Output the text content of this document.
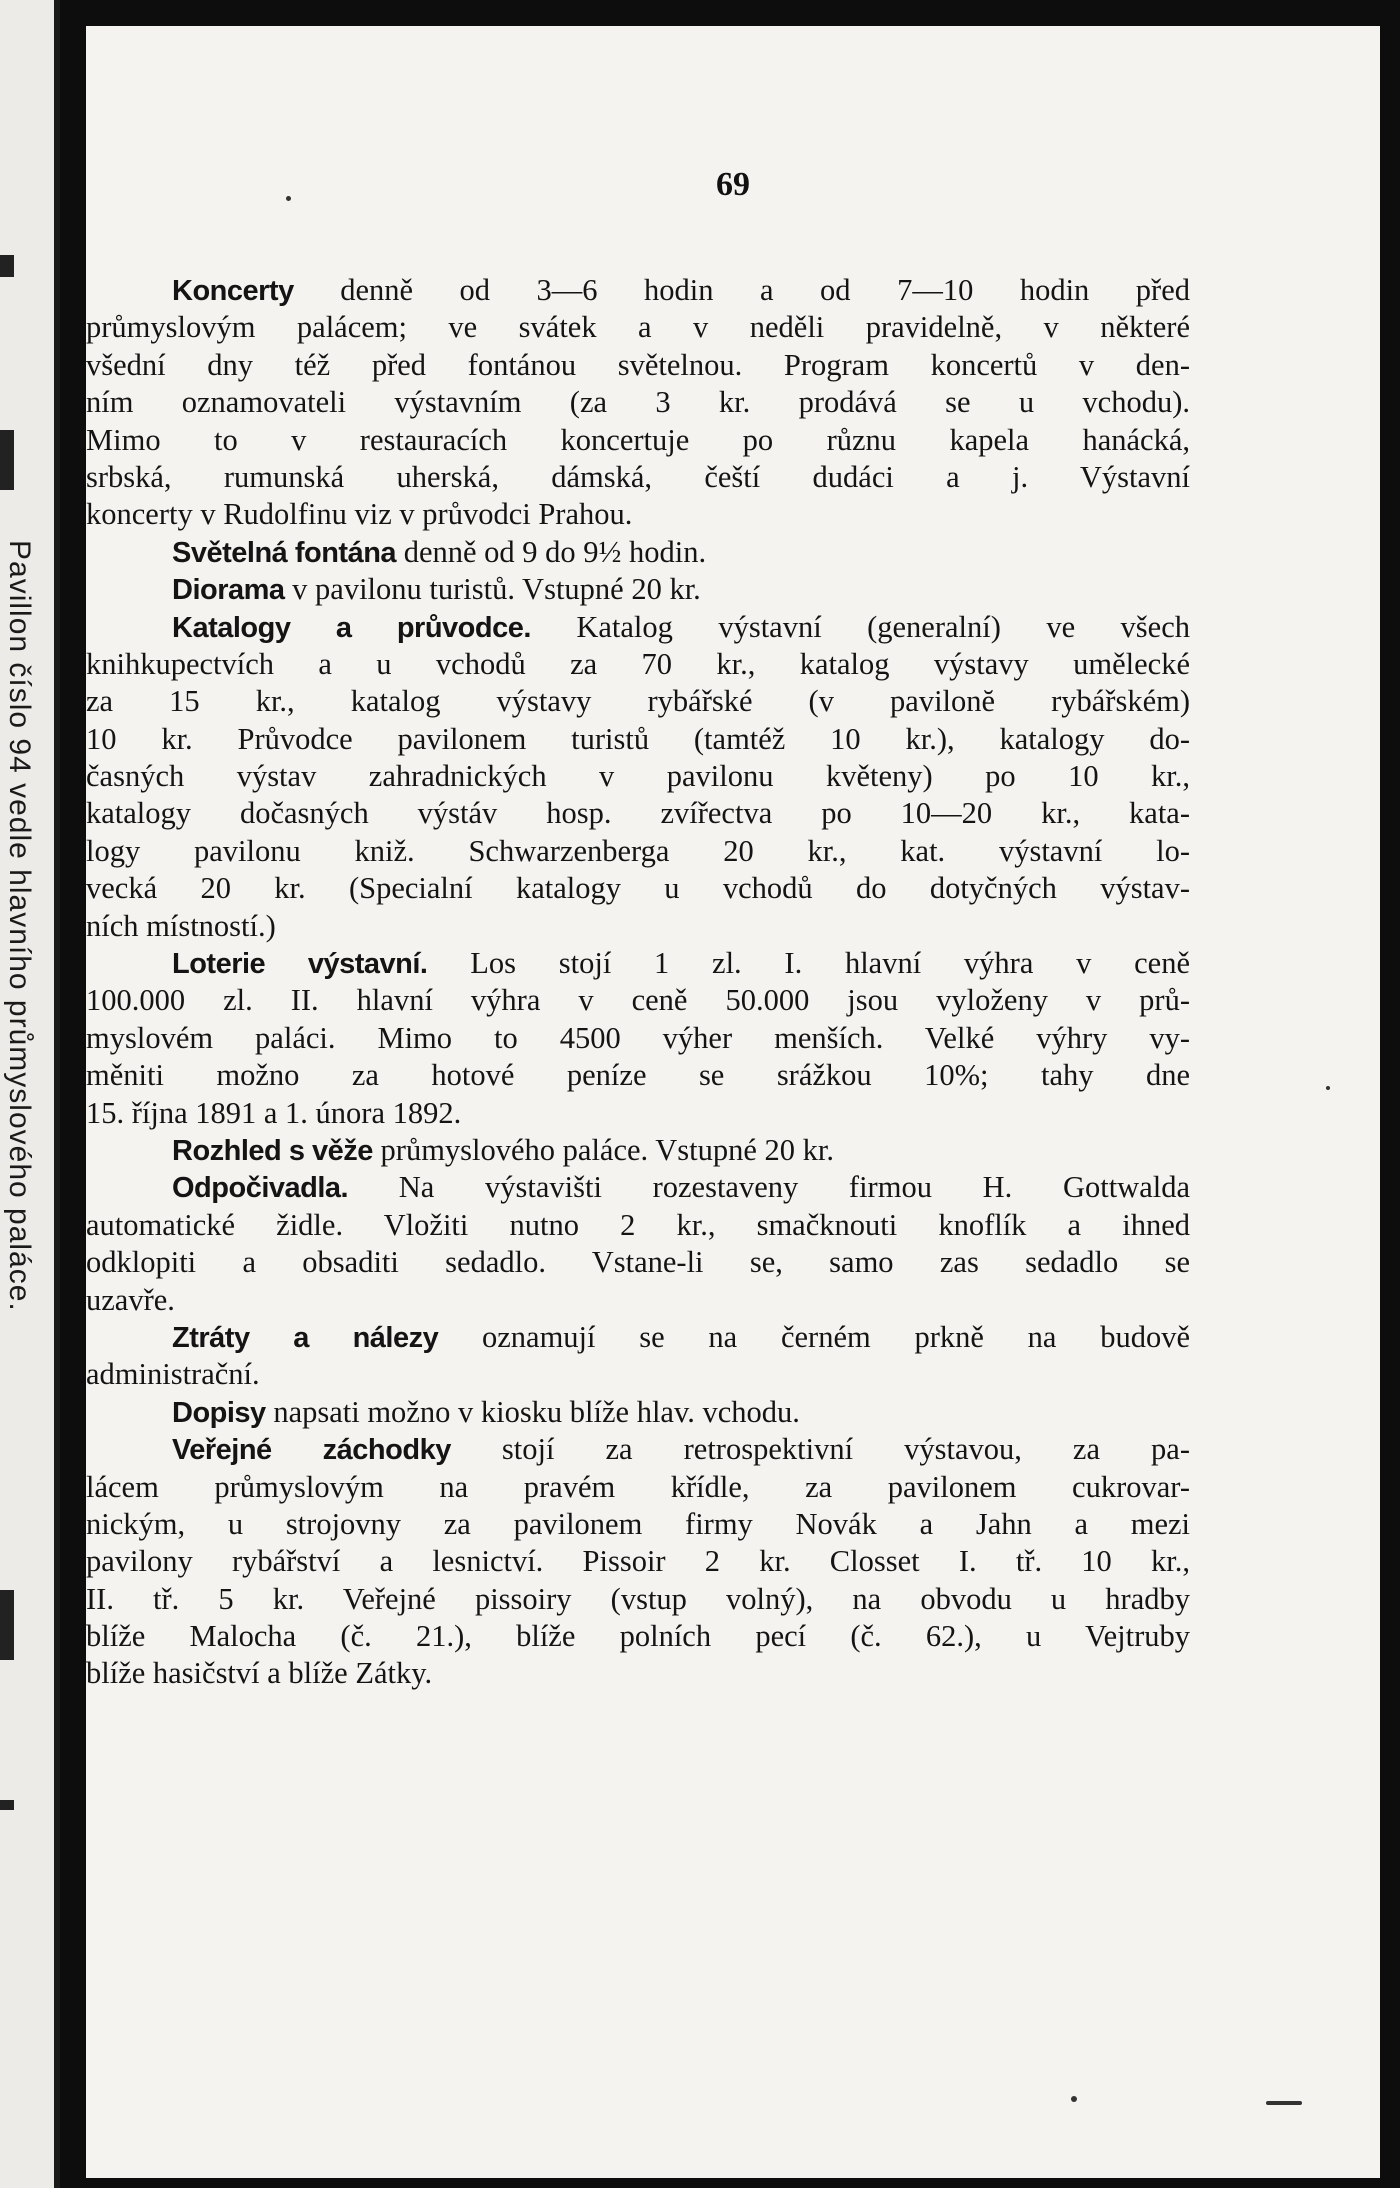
Pavillon číslo 94 vedle hlavního průmyslového paláce.
69
Koncerty denně od 3—6 hodin a od 7—10 hodin před
průmyslovým palácem; ve svátek a v neděli pravidelně, v některé
všední dny též před fontánou světelnou. Program koncertů v den-
ním oznamovateli výstavním (za 3 kr. prodává se u vchodu).
Mimo to v restauracích koncertuje po různu kapela hanácká,
srbská, rumunská uherská, dámská, čeští dudáci a j. Výstavní
koncerty v Rudolfinu viz v průvodci Prahou.
Světelná fontána denně od 9 do 9½ hodin.
Diorama v pavilonu turistů. Vstupné 20 kr.
Katalogy a průvodce. Katalog výstavní (generalní) ve všech
knihkupectvích a u vchodů za 70 kr., katalog výstavy umělecké
za 15 kr., katalog výstavy rybářské (v pavilonĕ rybářském)
10 kr. Průvodce pavilonem turistů (tamtéž 10 kr.), katalogy do-
časných výstav zahradnických v pavilonu květeny) po 10 kr.,
katalogy dočasných výstáv hosp. zvířectva po 10—20 kr., kata-
logy pavilonu kniž. Schwarzenberga 20 kr., kat. výstavní lo-
vecká 20 kr. (Specialní katalogy u vchodů do dotyčných výstav-
ních místností.)
Loterie výstavní. Los stojí 1 zl. I. hlavní výhra v ceně
100.000 zl. II. hlavní výhra v ceně 50.000 jsou vyloženy v prů-
myslovém paláci. Mimo to 4500 výher menších. Velké výhry vy-
měniti možno za hotové peníze se srážkou 10%; tahy dne
15. října 1891 a 1. února 1892.
Rozhled s věže průmyslového paláce. Vstupné 20 kr.
Odpočivadla. Na výstavišti rozestaveny firmou H. Gottwalda
automatické židle. Vložiti nutno 2 kr., smačknouti knoflík a ihned
odklopiti a obsaditi sedadlo. Vstane-li se, samo zas sedadlo se
uzavře.
Ztráty a nálezy oznamují se na černém prkně na budově
administrační.
Dopisy napsati možno v kiosku blíže hlav. vchodu.
Veřejné záchodky stojí za retrospektivní výstavou, za pa-
lácem průmyslovým na pravém křídle, za pavilonem cukrovar-
nickým, u strojovny za pavilonem firmy Novák a Jahn a mezi
pavilony rybářství a lesnictví. Pissoir 2 kr. Closset I. tř. 10 kr.,
II. tř. 5 kr. Veřejné pissoiry (vstup volný), na obvodu u hradby
blíže Malocha (č. 21.), blíže polních pecí (č. 62.), u Vejtruby
blíže hasičství a blíže Zátky.
